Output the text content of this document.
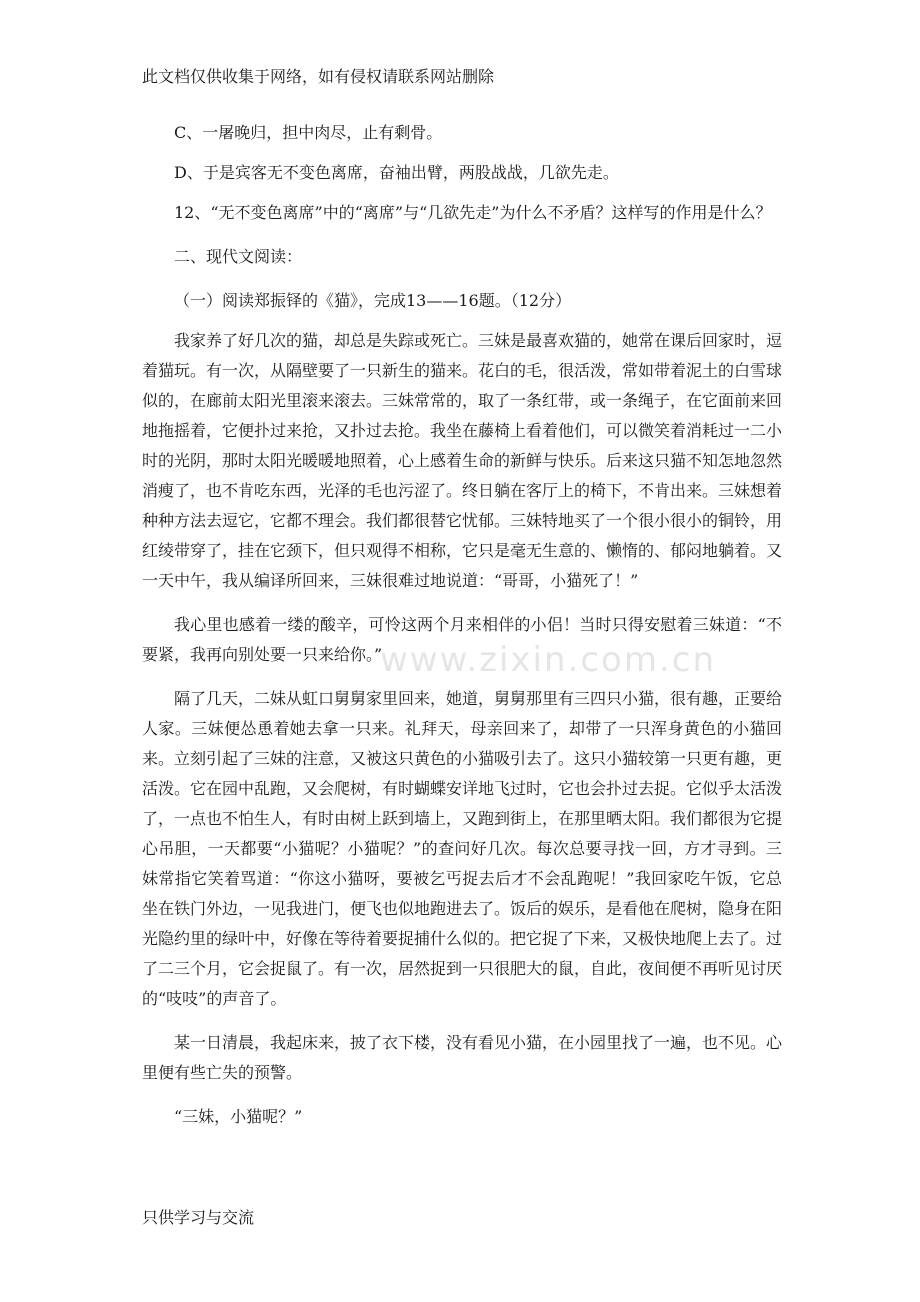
此文档仅供收集于网络，如有侵权请联系网站删除

C、一屠晚归，担中肉尽，止有剩骨。

D、于是宾客无不变色离席，奋袖出臂，两股战战，几欲先走。

12、“无不变色离席”中的“离席”与“几欲先走”为什么不矛盾？这样写的作用是什么？

二、现代文阅读：

（一）阅读郑振铎的《猫》，完成13——16题。（12分）

我家养了好几次的猫，却总是失踪或死亡。三妹是最喜欢猫的，她常在课后回家时，逗着猫玩。有一次，从隔壁要了一只新生的猫来。花白的毛，很活泼，常如带着泥土的白雪球似的，在廊前太阳光里滚来滚去。三妹常常的，取了一条红带，或一条绳子，在它面前来回地拖摇着，它便扑过来抢，又扑过去抢。我坐在藤椅上看着他们，可以微笑着消耗过一二小时的光阴，那时太阳光暖暖地照着，心上感着生命的新鲜与快乐。后来这只猫不知怎地忽然消瘦了，也不肯吃东西，光泽的毛也污涩了。终日躺在客厅上的椅下，不肯出来。三妹想着种种方法去逗它，它都不理会。我们都很替它忧郁。三妹特地买了一个很小很小的铜铃，用红绫带穿了，挂在它颈下，但只观得不相称，它只是毫无生意的、懒惰的、郁闷地躺着。又一天中午，我从编译所回来，三妹很难过地说道：“哥哥，小猫死了！”

我心里也感着一缕的酸辛，可怜这两个月来相伴的小侣！当时只得安慰着三妹道：“不要紧，我再向别处要一只来给你。”

隔了几天，二妹从虹口舅舅家里回来，她道，舅舅那里有三四只小猫，很有趣，正要给人家。三妹便怂恿着她去拿一只来。礼拜天，母亲回来了，却带了一只浑身黄色的小猫回来。立刻引起了三妹的注意，又被这只黄色的小猫吸引去了。这只小猫较第一只更有趣，更活泼。它在园中乱跑，又会爬树，有时蝴蝶安详地飞过时，它也会扑过去捉。它似乎太活泼了，一点也不怕生人，有时由树上跃到墙上，又跑到街上，在那里晒太阳。我们都很为它提心吊胆，一天都要“小猫呢？小猫呢？”的查问好几次。每次总要寻找一回，方才寻到。三妹常指它笑着骂道：“你这小猫呀，要被乞丐捉去后才不会乱跑呢！”我回家吃午饭，它总坐在铁门外边，一见我进门，便飞也似地跑进去了。饭后的娱乐，是看他在爬树，隐身在阳光隐约里的绿叶中，好像在等待着要捉捕什么似的。把它捉了下来，又极快地爬上去了。过了二三个月，它会捉鼠了。有一次，居然捉到一只很肥大的鼠，自此，夜间便不再听见讨厌的“吱吱”的声音了。

某一日清晨，我起床来，披了衣下楼，没有看见小猫，在小园里找了一遍，也不见。心里便有些亡失的预警。

“三妹，小猫呢？”

www.zixin.com.cn
只供学习与交流
